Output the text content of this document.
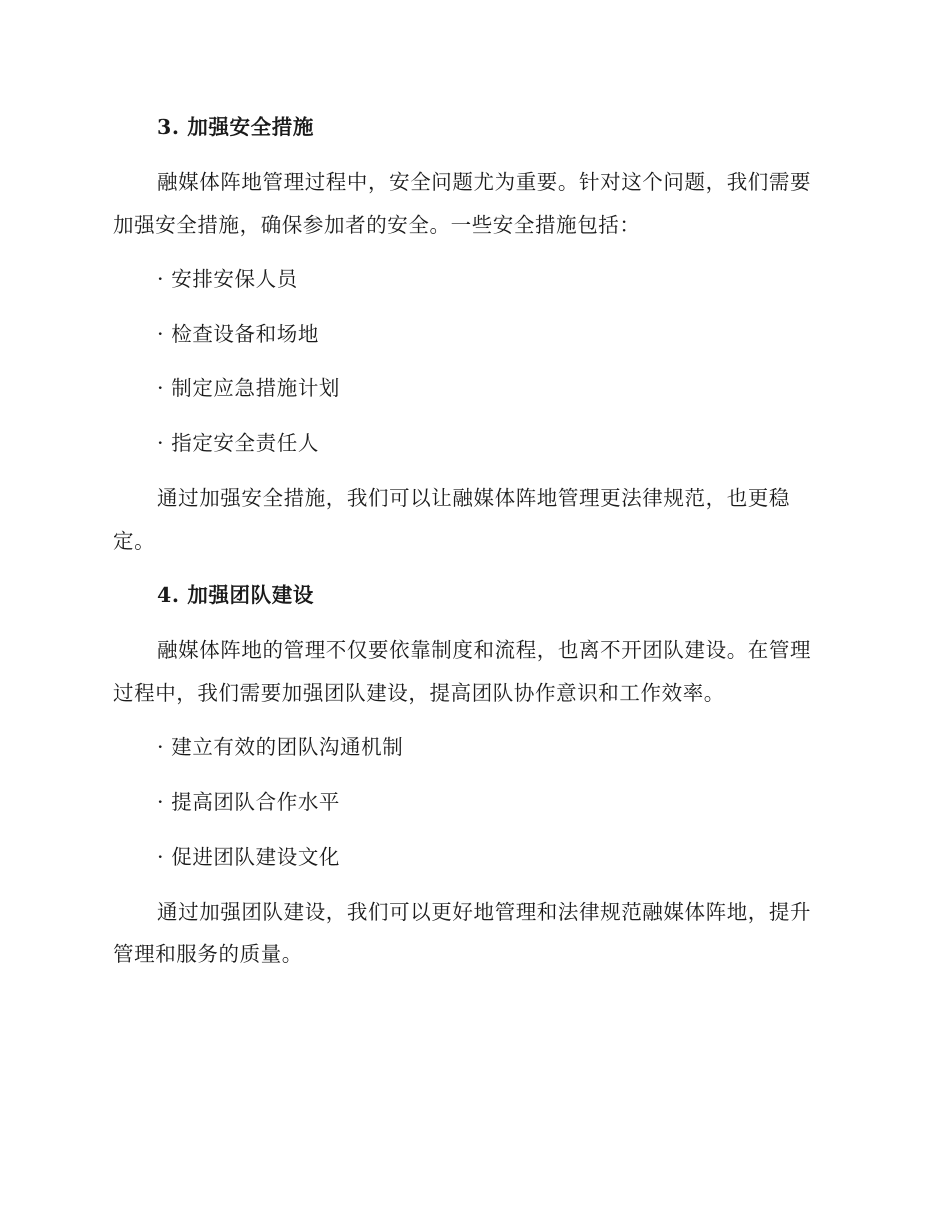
3. 加强安全措施
融媒体阵地管理过程中，安全问题尤为重要。针对这个问题，我们需要
加强安全措施，确保参加者的安全。一些安全措施包括：
· 安排安保人员
· 检查设备和场地
· 制定应急措施计划
· 指定安全责任人
通过加强安全措施，我们可以让融媒体阵地管理更法律规范，也更稳
定。
4. 加强团队建设
融媒体阵地的管理不仅要依靠制度和流程，也离不开团队建设。在管理
过程中，我们需要加强团队建设，提高团队协作意识和工作效率。
· 建立有效的团队沟通机制
· 提高团队合作水平
· 促进团队建设文化
通过加强团队建设，我们可以更好地管理和法律规范融媒体阵地，提升
管理和服务的质量。
